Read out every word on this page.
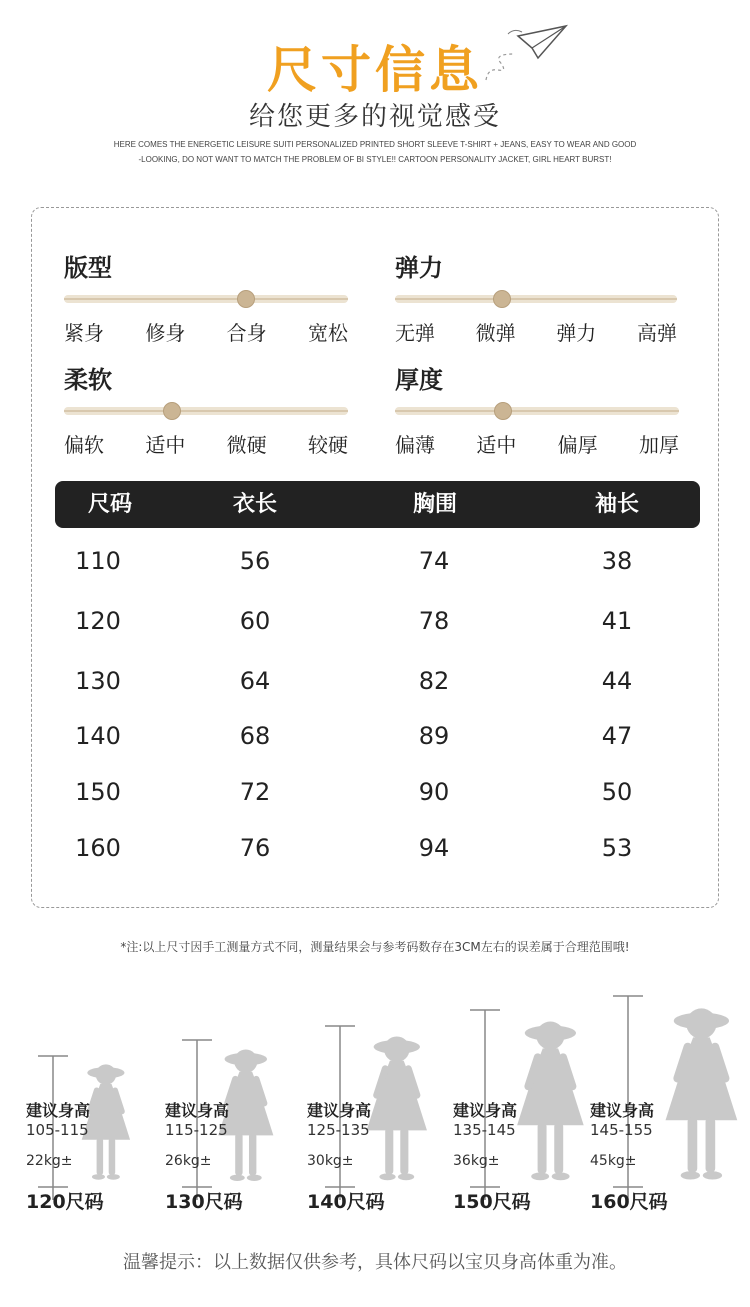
尺寸信息
给您更多的视觉感受
HERE COMES THE ENERGETIC LEISURE SUITI PERSONALIZED PRINTED SHORT SLEEVE T-SHIRT + JEANS, EASY TO WEAR AND GOOD
-LOOKING, DO NOT WANT TO MATCH THE PROBLEM OF BI STYLE!! CARTOON PERSONALITY JACKET, GIRL HEART BURST!
版型
紧身 修身 合身 宽松
弹力
无弹 微弹 弹力 高弹
柔软
偏软 适中 微硬 较硬
厚度
偏薄 适中 偏厚 加厚
尺码	衣长	胸围	袖长
110	56	74	38
120	60	78	41
130	64	82	44
140	68	89	47
150	72	90	50
160	76	94	53
*注:以上尺寸因手工测量方式不同，测量结果会与参考码数存在3CM左右的误差属于合理范围哦!
建议身高
105-115
22kg±
120尺码
建议身高
115-125
26kg±
130尺码
建议身高
125-135
30kg±
140尺码
建议身高
135-145
36kg±
150尺码
建议身高
145-155
45kg±
160尺码
温馨提示：以上数据仅供参考，具体尺码以宝贝身高体重为准。
